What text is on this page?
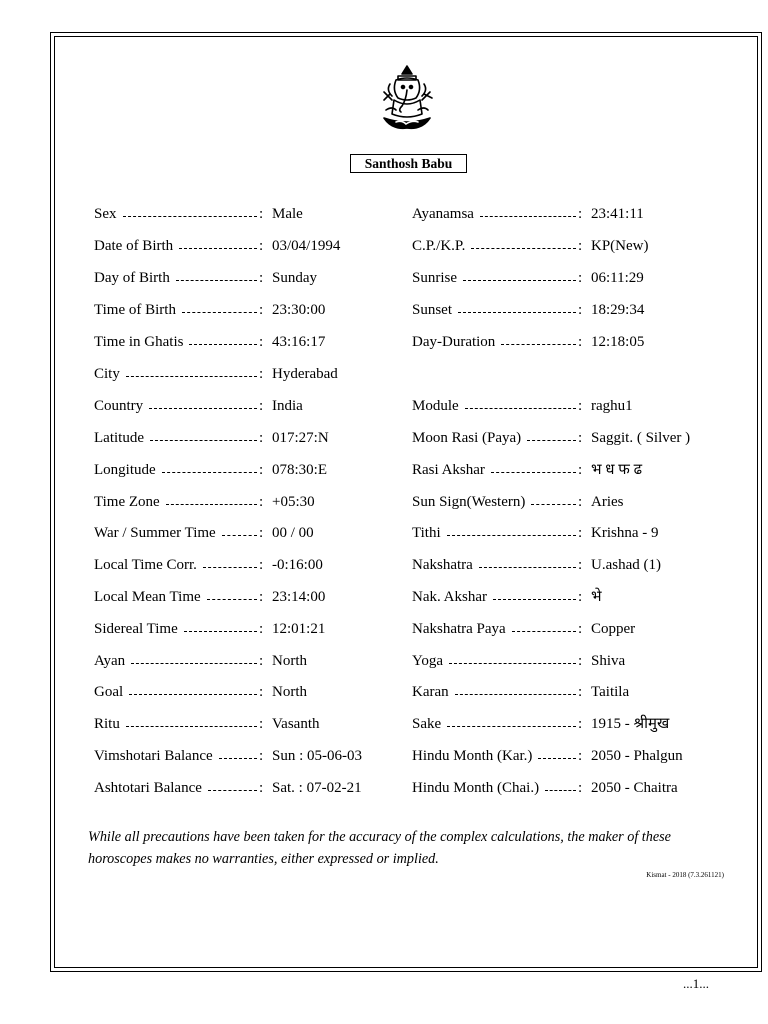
Santhosh Babu
Sex	: Male
Date of Birth	: 03/04/1994
Day of Birth	: Sunday
Time of Birth	: 23:30:00
Time in Ghatis	: 43:16:17
City	: Hyderabad
Country	: India
Latitude	: 017:27:N
Longitude	: 078:30:E
Time Zone	: +05:30
War / Summer Time	: 00 / 00
Local Time Corr.	: -0:16:00
Local Mean Time	: 23:14:00
Sidereal Time	: 12:01:21
Ayan	: North
Goal	: North
Ritu	: Vasanth
Vimshotari Balance	: Sun : 05-06-03
Ashtotari Balance	: Sat. : 07-02-21
Ayanamsa	: 23:41:11
C.P./K.P.	: KP(New)
Sunrise	: 06:11:29
Sunset	: 18:29:34
Day-Duration	: 12:18:05
Module	: raghu1
Moon Rasi (Paya)	: Saggit. ( Silver )
Rasi Akshar	: भ ध फ ढ
Sun Sign(Western)	: Aries
Tithi	: Krishna - 9
Nakshatra	: U.ashad (1)
Nak. Akshar	: भे
Nakshatra Paya	: Copper
Yoga	: Shiva
Karan	: Taitila
Sake	: 1915 - श्रीमुख
Hindu Month (Kar.)	: 2050 - Phalgun
Hindu Month (Chai.)	: 2050 - Chaitra
While all precautions have been taken for the accuracy of the complex calculations, the maker of these horoscopes makes no warranties, either expressed or implied.
Kismat - 2018 (7.3.261121)
...1...
